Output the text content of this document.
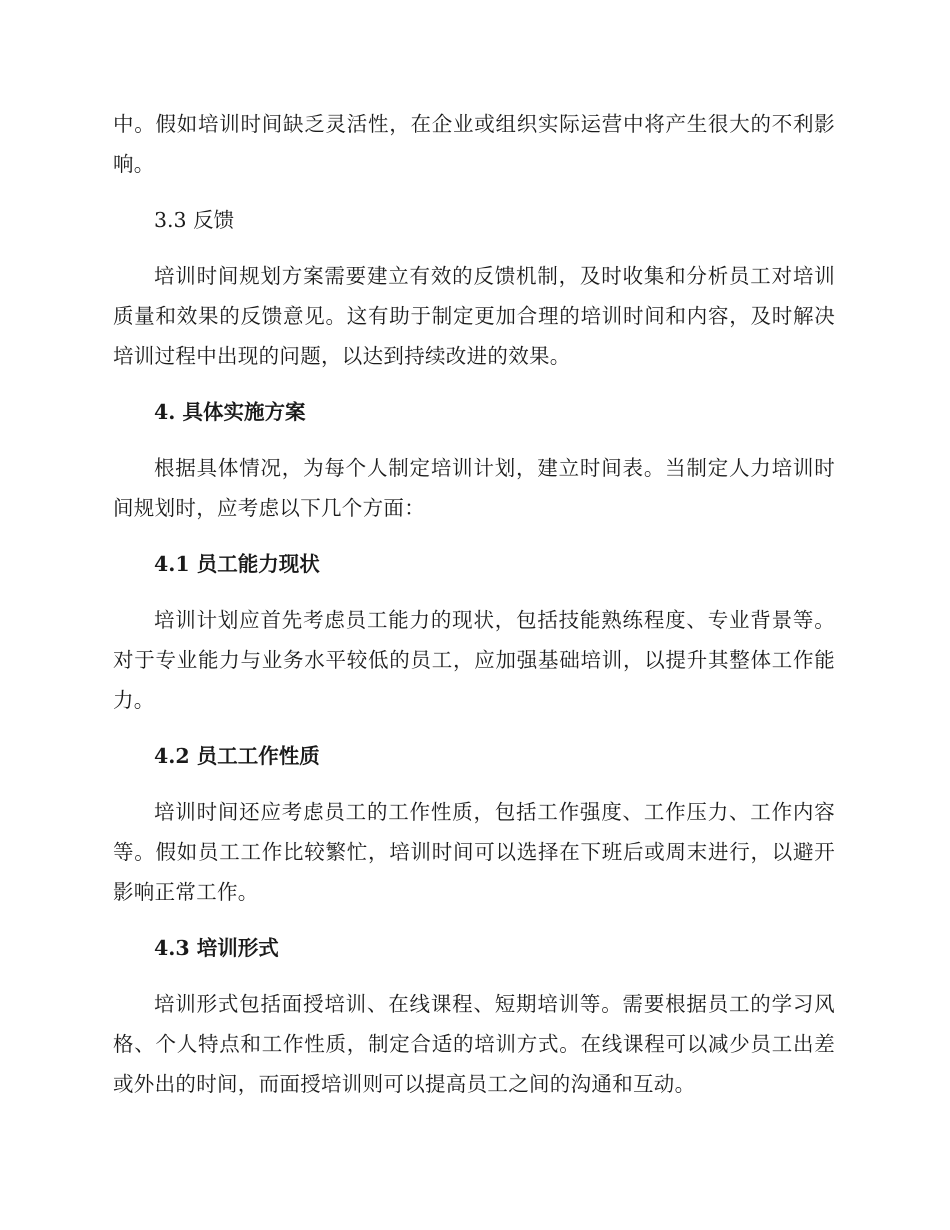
中。假如培训时间缺乏灵活性，在企业或组织实际运营中将产生很大的不利影响。

3.3 反馈

培训时间规划方案需要建立有效的反馈机制，及时收集和分析员工对培训质量和效果的反馈意见。这有助于制定更加合理的培训时间和内容，及时解决培训过程中出现的问题，以达到持续改进的效果。

4. 具体实施方案

根据具体情况，为每个人制定培训计划，建立时间表。当制定人力培训时间规划时，应考虑以下几个方面：

4.1 员工能力现状

培训计划应首先考虑员工能力的现状，包括技能熟练程度、专业背景等。对于专业能力与业务水平较低的员工，应加强基础培训，以提升其整体工作能力。

4.2 员工工作性质

培训时间还应考虑员工的工作性质，包括工作强度、工作压力、工作内容等。假如员工工作比较繁忙，培训时间可以选择在下班后或周末进行，以避开影响正常工作。

4.3 培训形式

培训形式包括面授培训、在线课程、短期培训等。需要根据员工的学习风格、个人特点和工作性质，制定合适的培训方式。在线课程可以减少员工出差或外出的时间，而面授培训则可以提高员工之间的沟通和互动。
